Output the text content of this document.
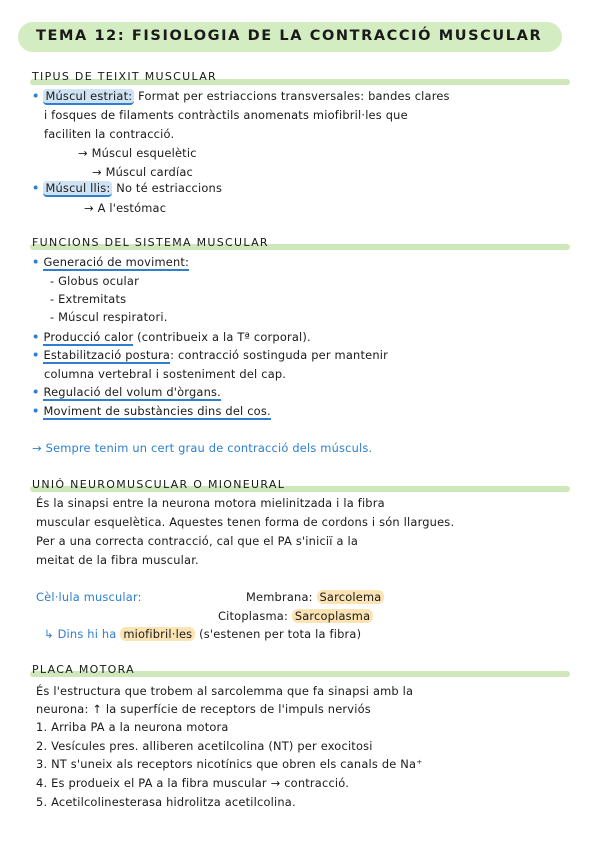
TEMA 12: FISIOLOGIA DE LA CONTRACCIÓ MUSCULAR
TIPUS DE TEIXIT MUSCULAR
• Múscul estriat: Format per estriaccions transversales: bandes clares
i fosques de filaments contràctils anomenats miofibril·les que
faciliten la contracció.
→ Múscul esquelètic
→ Múscul cardíac
• Múscul llis: No té estriaccions
→ A l'estómac
FUNCIONS DEL SISTEMA MUSCULAR
• Generació de moviment:
- Globus ocular
- Extremitats
- Múscul respiratori.
• Producció calor (contribueix a la Tª corporal).
• Estabilització postura: contracció sostinguda per mantenir
columna vertebral i sosteniment del cap.
• Regulació del volum d'òrgans.
• Moviment de substàncies dins del cos.
→ Sempre tenim un cert grau de contracció dels músculs.
UNIÓ NEUROMUSCULAR O MIONEURAL
És la sinapsi entre la neurona motora mielinitzada i la fibra
muscular esquelètica. Aquestes tenen forma de cordons i són llargues.
Per a una correcta contracció, cal que el PA s'iniciï a la
meitat de la fibra muscular.
Cèl·lula muscular:	Membrana: Sarcolema
Citoplasma: Sarcoplasma
↳ Dins hi ha miofibril·les (s'estenen per tota la fibra)
PLACA MOTORA
És l'estructura que trobem al sarcolemma que fa sinapsi amb la
neurona: ↑ la superfície de receptors de l'impuls nerviós
1. Arriba PA a la neurona motora
2. Vesícules pres. alliberen acetilcolina (NT) per exocitosi
3. NT s'uneix als receptors nicotínics que obren els canals de Na⁺
4. Es produeix el PA a la fibra muscular → contracció.
5. Acetilcolinesterasa hidrolitza acetilcolina.
